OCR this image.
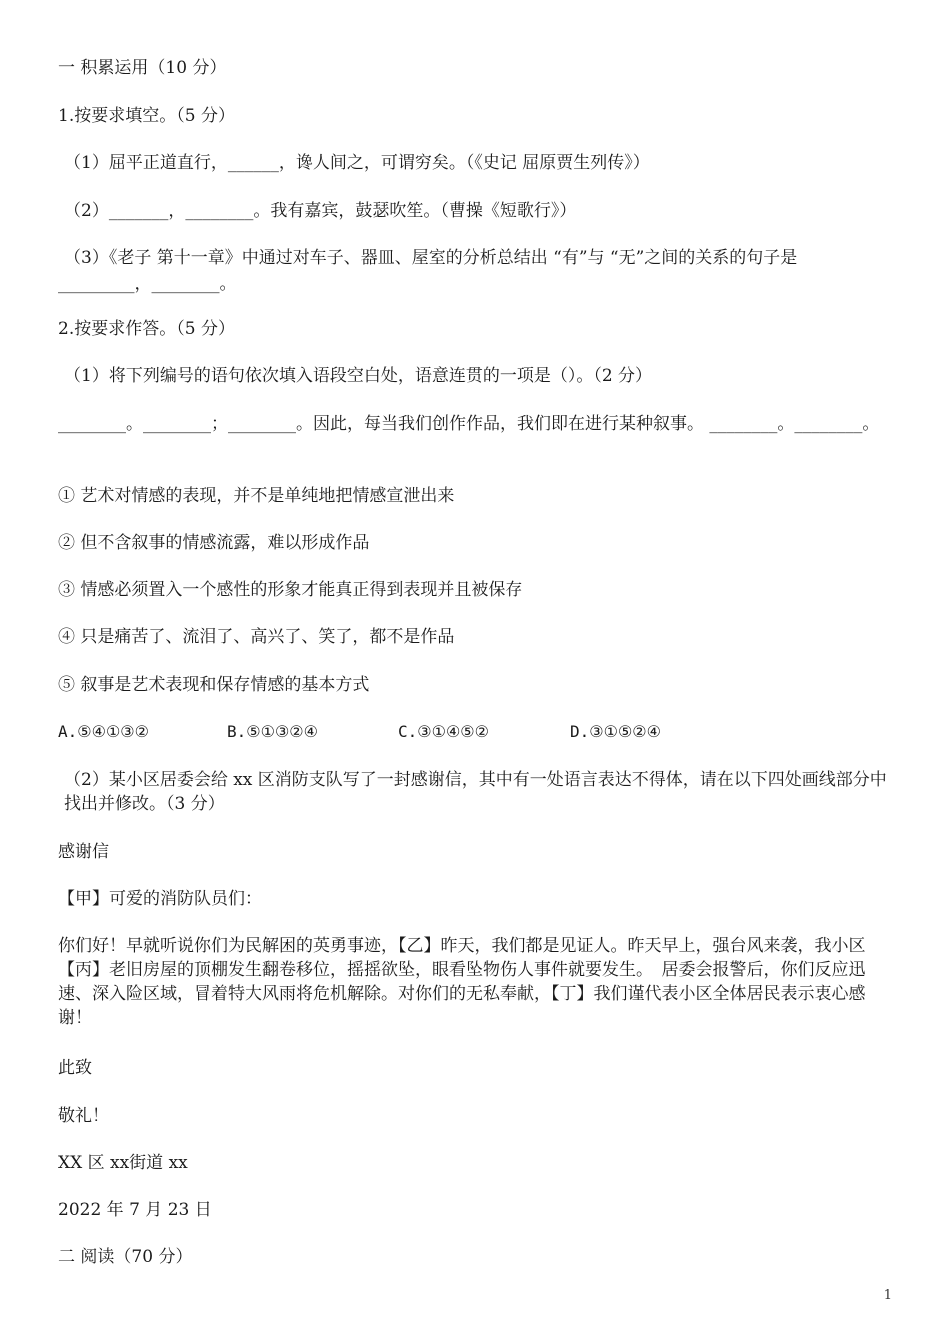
一 积累运用（10 分）
1.按要求填空。（5 分）
（1）屈平正道直行，______，谗人间之，可谓穷矣。（《史记 屈原贾生列传》）
（2）_______，________。我有嘉宾，鼓瑟吹笙。（曹操《短歌行》）
（3）《老子 第十一章》中通过对车子、器皿、屋室的分析总结出 “有”与 “无”之间的关系的句子是
_________，________。
2.按要求作答。（5 分）
（1）将下列编号的语句依次填入语段空白处，语意连贯的一项是（）。（2 分）
________。________；________。因此，每当我们创作作品，我们即在进行某种叙事。 ________。________。
① 艺术对情感的表现，并不是单纯地把情感宣泄出来
② 但不含叙事的情感流露，难以形成作品
③ 情感必须置入一个感性的形象才能真正得到表现并且被保存
④ 只是痛苦了、流泪了、高兴了、笑了，都不是作品
⑤ 叙事是艺术表现和保存情感的基本方式
A.⑤④①③②	B.⑤①③②④	C.③①④⑤②	D.③①⑤②④
（2）某小区居委会给 xx 区消防支队写了一封感谢信，其中有一处语言表达不得体，请在以下四处画线部分中找出并修改。（3 分）
感谢信
【甲】可爱的消防队员们：
你们好！早就听说你们为民解困的英勇事迹，【乙】昨天，我们都是见证人。昨天早上，强台风来袭，我小区【丙】老旧房屋的顶棚发生翻卷移位，摇摇欲坠，眼看坠物伤人事件就要发生。　居委会报警后，你们反应迅速、深入险区域，冒着特大风雨将危机解除。对你们的无私奉献，【丁】我们谨代表小区全体居民表示衷心感谢！
此致
敬礼！
XX 区 xx街道 xx
2022 年 7 月 23 日
二 阅读（70 分）
1
